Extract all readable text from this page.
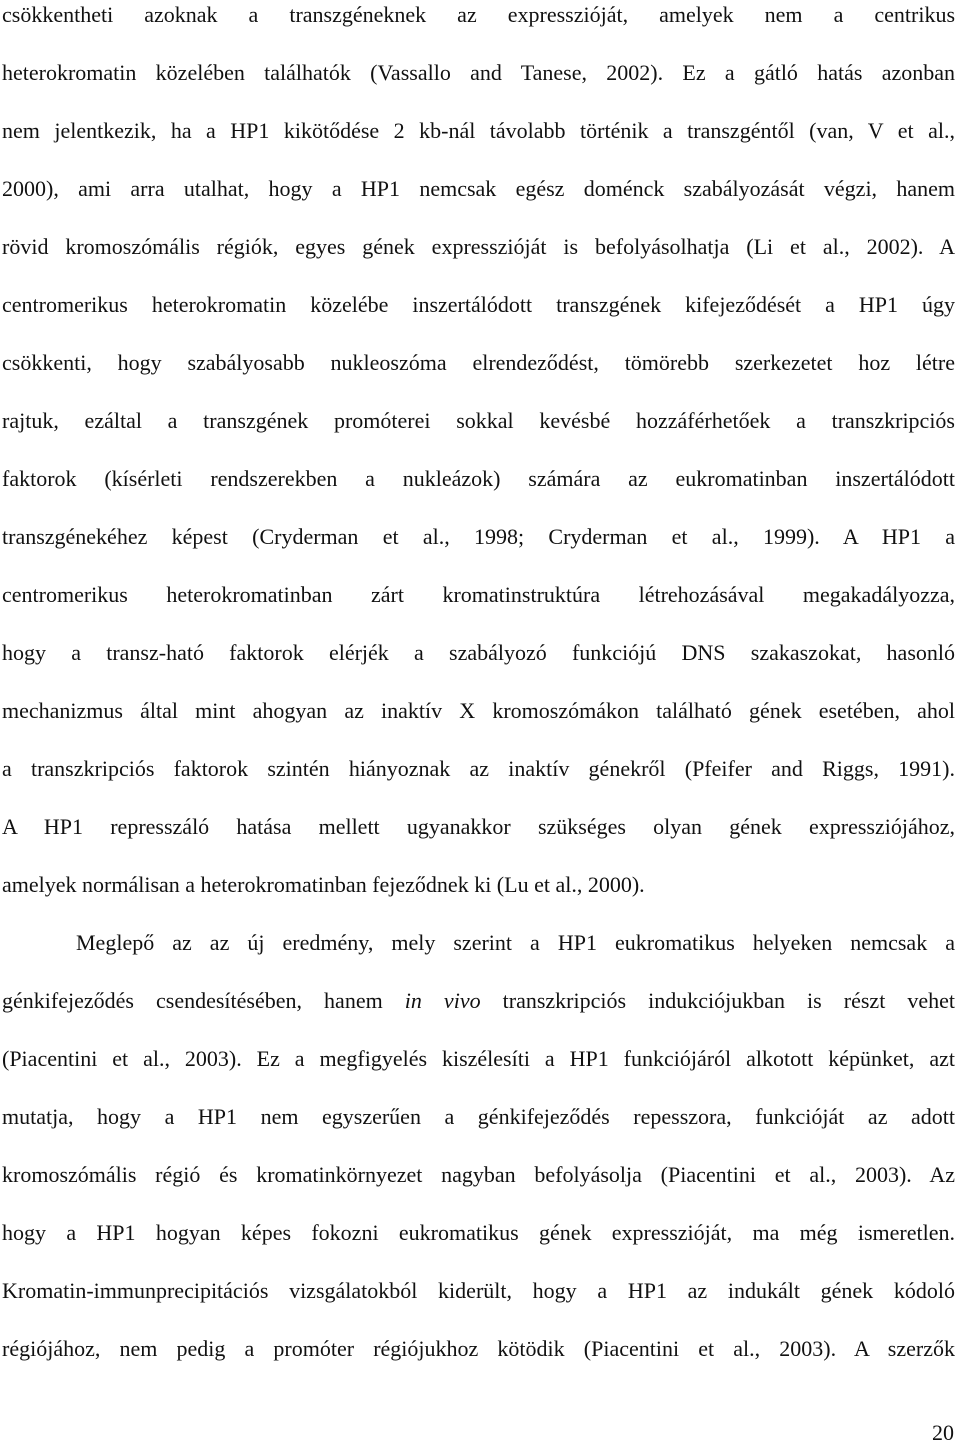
csökkentheti azoknak a transzgéneknek az expresszióját, amelyek nem a centrikus
heterokromatin közelében találhatók (Vassallo and Tanese, 2002). Ez a gátló hatás azonban
nem jelentkezik, ha a HP1 kikötődése 2 kb-nál távolabb történik a transzgéntől (van, V et al.,
2000), ami arra utalhat, hogy a HP1 nemcsak egész doménck szabályozását végzi, hanem
rövid kromoszómális régiók, egyes gének expresszióját is befolyásolhatja (Li et al., 2002). A
centromerikus heterokromatin közelébe inszertálódott transzgének kifejeződését a HP1 úgy
csökkenti, hogy szabályosabb nukleoszóma elrendeződést, tömörebb szerkezetet hoz létre
rajtuk, ezáltal a transzgének promóterei sokkal kevésbé hozzáférhetőek a transzkripciós
faktorok (kísérleti rendszerekben a nukleázok) számára az eukromatinban inszertálódott
transzgénekéhez képest (Cryderman et al., 1998; Cryderman et al., 1999). A HP1 a
centromerikus heterokromatinban zárt kromatinstruktúra létrehozásával megakadályozza,
hogy a transz-ható faktorok elérjék a szabályozó funkciójú DNS szakaszokat, hasonló
mechanizmus által mint ahogyan az inaktív X kromoszómákon található gének esetében, ahol
a transzkripciós faktorok szintén hiányoznak az inaktív génekről (Pfeifer and Riggs, 1991).
A HP1 represszáló hatása mellett ugyanakkor szükséges olyan gének expressziójához,
amelyek normálisan a heterokromatinban fejeződnek ki (Lu et al., 2000).
Meglepő az az új eredmény, mely szerint a HP1 eukromatikus helyeken nemcsak a
génkifejeződés csendesítésében, hanem in vivo transzkripciós indukciójukban is részt vehet
(Piacentini et al., 2003). Ez a megfigyelés kiszélesíti a HP1 funkciójáról alkotott képünket, azt
mutatja, hogy a HP1 nem egyszerűen a génkifejeződés repesszora, funkcióját az adott
kromoszómális régió és kromatinkörnyezet nagyban befolyásolja (Piacentini et al., 2003). Az
hogy a HP1 hogyan képes fokozni eukromatikus gének expresszióját, ma még ismeretlen.
Kromatin-immunprecipitációs vizsgálatokból kiderült, hogy a HP1 az indukált gének kódoló
régiójához, nem pedig a promóter régiójukhoz kötödik (Piacentini et al., 2003). A szerzők
20
